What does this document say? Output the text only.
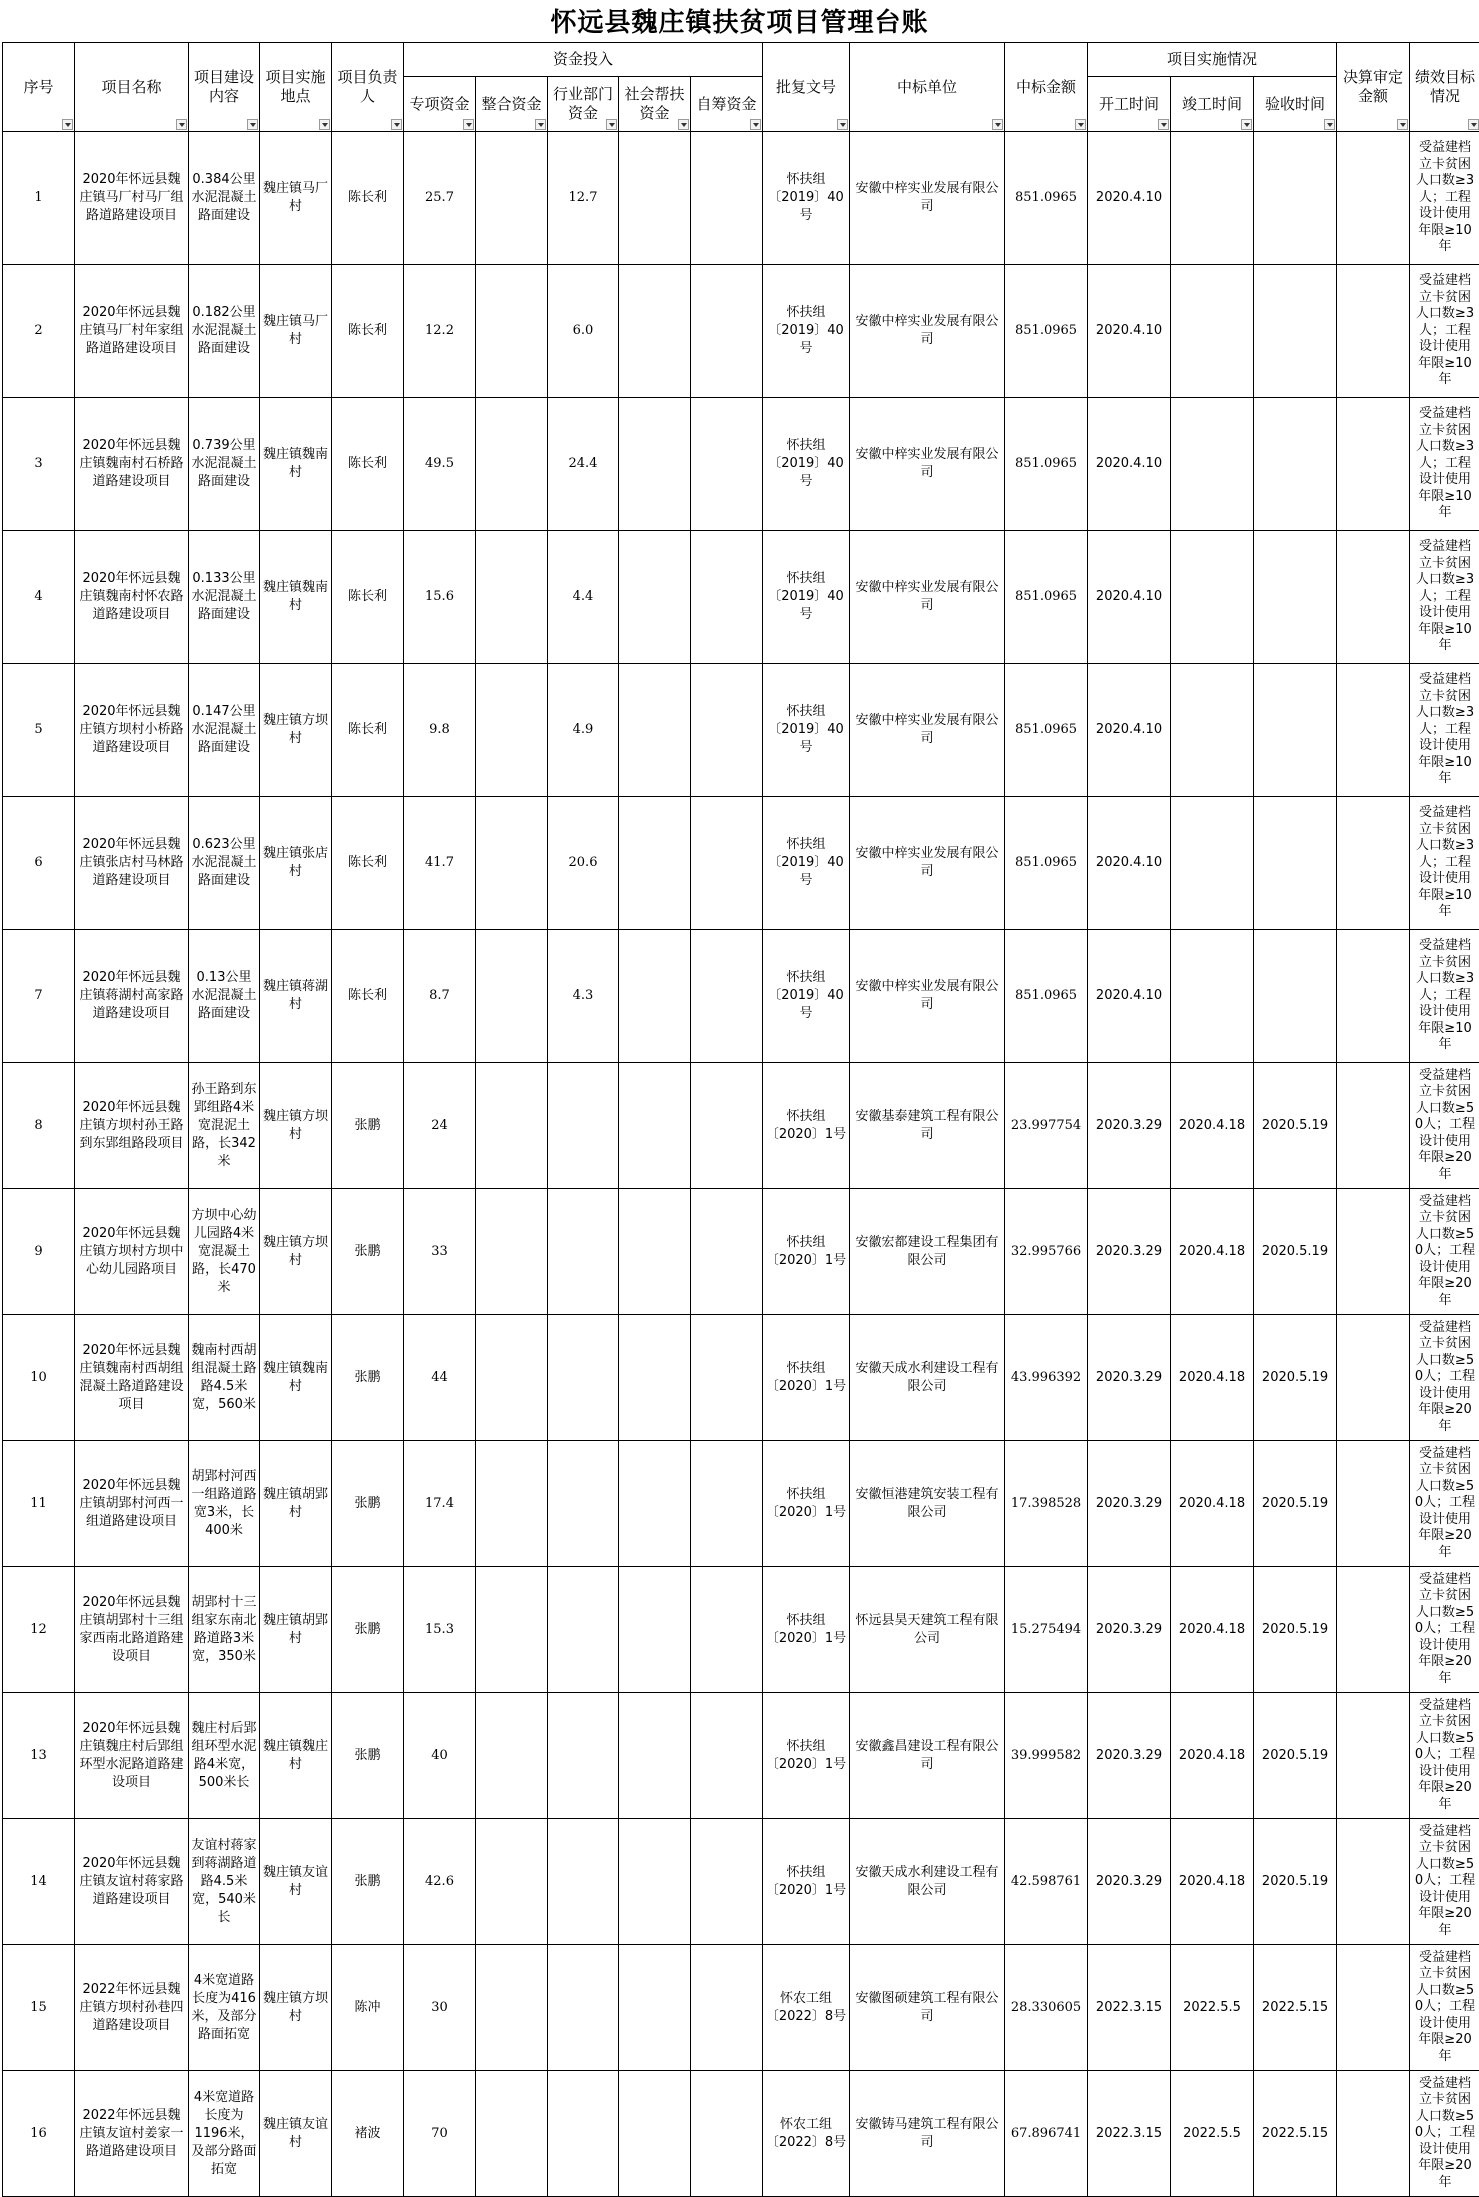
怀远县魏庄镇扶贫项目管理台账
序号	项目名称	项目建设内容	项目实施地点	项目负责人	资金投入					批复文号	中标单位	中标金额	项目实施情况			决算审定金额	绩效目标情况

					专项资金	整合资金	行业部门资金	社会帮扶资金	自筹资金				开工时间	竣工时间	验收时间		

1	2020年怀远县魏庄镇马厂村马厂组路道路建设项目	0.384公里水泥混凝土路面建设	魏庄镇马厂村	陈长利	25.7		12.7			怀扶组〔2019〕40号	安徽中梓实业发展有限公司	851.0965	2020.4.10				受益建档立卡贫困人口数≥3人；工程设计使用年限≥10年
2	2020年怀远县魏庄镇马厂村年家组路道路建设项目	0.182公里水泥混凝土路面建设	魏庄镇马厂村	陈长利	12.2		6.0			怀扶组〔2019〕40号	安徽中梓实业发展有限公司	851.0965	2020.4.10				受益建档立卡贫困人口数≥3人；工程设计使用年限≥10年
3	2020年怀远县魏庄镇魏南村石桥路道路建设项目	0.739公里水泥混凝土路面建设	魏庄镇魏南村	陈长利	49.5		24.4			怀扶组〔2019〕40号	安徽中梓实业发展有限公司	851.0965	2020.4.10				受益建档立卡贫困人口数≥3人；工程设计使用年限≥10年
4	2020年怀远县魏庄镇魏南村怀农路道路建设项目	0.133公里水泥混凝土路面建设	魏庄镇魏南村	陈长利	15.6		4.4			怀扶组〔2019〕40号	安徽中梓实业发展有限公司	851.0965	2020.4.10				受益建档立卡贫困人口数≥3人；工程设计使用年限≥10年
5	2020年怀远县魏庄镇方坝村小桥路道路建设项目	0.147公里水泥混凝土路面建设	魏庄镇方坝村	陈长利	9.8		4.9			怀扶组〔2019〕40号	安徽中梓实业发展有限公司	851.0965	2020.4.10				受益建档立卡贫困人口数≥3人；工程设计使用年限≥10年
6	2020年怀远县魏庄镇张店村马林路道路建设项目	0.623公里水泥混凝土路面建设	魏庄镇张店村	陈长利	41.7		20.6			怀扶组〔2019〕40号	安徽中梓实业发展有限公司	851.0965	2020.4.10				受益建档立卡贫困人口数≥3人；工程设计使用年限≥10年
7	2020年怀远县魏庄镇蒋湖村高家路道路建设项目	0.13公里水泥混凝土路面建设	魏庄镇蒋湖村	陈长利	8.7		4.3			怀扶组〔2019〕40号	安徽中梓实业发展有限公司	851.0965	2020.4.10				受益建档立卡贫困人口数≥3人；工程设计使用年限≥10年
8	2020年怀远县魏庄镇方坝村孙王路到东郢组路段项目	孙王路到东郢组路4米宽混泥土路，长342米	魏庄镇方坝村	张鹏	24					怀扶组〔2020〕1号	安徽基泰建筑工程有限公司	23.997754	2020.3.29	2020.4.18	2020.5.19		受益建档立卡贫困人口数≥50人；工程设计使用年限≥20年
9	2020年怀远县魏庄镇方坝村方坝中心幼儿园路项目	方坝中心幼儿园路4米宽混凝土路，长470米	魏庄镇方坝村	张鹏	33					怀扶组〔2020〕1号	安徽宏都建设工程集团有限公司	32.995766	2020.3.29	2020.4.18	2020.5.19		受益建档立卡贫困人口数≥50人；工程设计使用年限≥20年
10	2020年怀远县魏庄镇魏南村西胡组混凝土路道路建设项目	魏南村西胡组混凝土路路4.5米宽，560米	魏庄镇魏南村	张鹏	44					怀扶组〔2020〕1号	安徽天成水利建设工程有限公司	43.996392	2020.3.29	2020.4.18	2020.5.19		受益建档立卡贫困人口数≥50人；工程设计使用年限≥20年
11	2020年怀远县魏庄镇胡郢村河西一组道路建设项目	胡郢村河西一组路道路宽3米，长400米	魏庄镇胡郢村	张鹏	17.4					怀扶组〔2020〕1号	安徽恒港建筑安装工程有限公司	17.398528	2020.3.29	2020.4.18	2020.5.19		受益建档立卡贫困人口数≥50人；工程设计使用年限≥20年
12	2020年怀远县魏庄镇胡郢村十三组家西南北路道路建设项目	胡郢村十三组家东南北路道路3米宽，350米	魏庄镇胡郢村	张鹏	15.3					怀扶组〔2020〕1号	怀远县昊天建筑工程有限公司	15.275494	2020.3.29	2020.4.18	2020.5.19		受益建档立卡贫困人口数≥50人；工程设计使用年限≥20年
13	2020年怀远县魏庄镇魏庄村后郢组环型水泥路道路建设项目	魏庄村后郢组环型水泥路4米宽，500米长	魏庄镇魏庄村	张鹏	40					怀扶组〔2020〕1号	安徽鑫昌建设工程有限公司	39.999582	2020.3.29	2020.4.18	2020.5.19		受益建档立卡贫困人口数≥50人；工程设计使用年限≥20年
14	2020年怀远县魏庄镇友谊村蒋家路道路建设项目	友谊村蒋家到蒋湖路道路4.5米宽，540米长	魏庄镇友谊村	张鹏	42.6					怀扶组〔2020〕1号	安徽天成水利建设工程有限公司	42.598761	2020.3.29	2020.4.18	2020.5.19		受益建档立卡贫困人口数≥50人；工程设计使用年限≥20年
15	2022年怀远县魏庄镇方坝村孙巷四道路建设项目	4米宽道路长度为416米，及部分路面拓宽	魏庄镇方坝村	陈冲	30					怀农工组〔2022〕8号	安徽图硕建筑工程有限公司	28.330605	2022.3.15	2022.5.5	2022.5.15		受益建档立卡贫困人口数≥50人；工程设计使用年限≥20年
16	2022年怀远县魏庄镇友谊村姜家一路道路建设项目	4米宽道路长度为1196米，及部分路面拓宽	魏庄镇友谊村	褚波	70					怀农工组〔2022〕8号	安徽铸马建筑工程有限公司	67.896741	2022.3.15	2022.5.5	2022.5.15		受益建档立卡贫困人口数≥50人；工程设计使用年限≥20年
